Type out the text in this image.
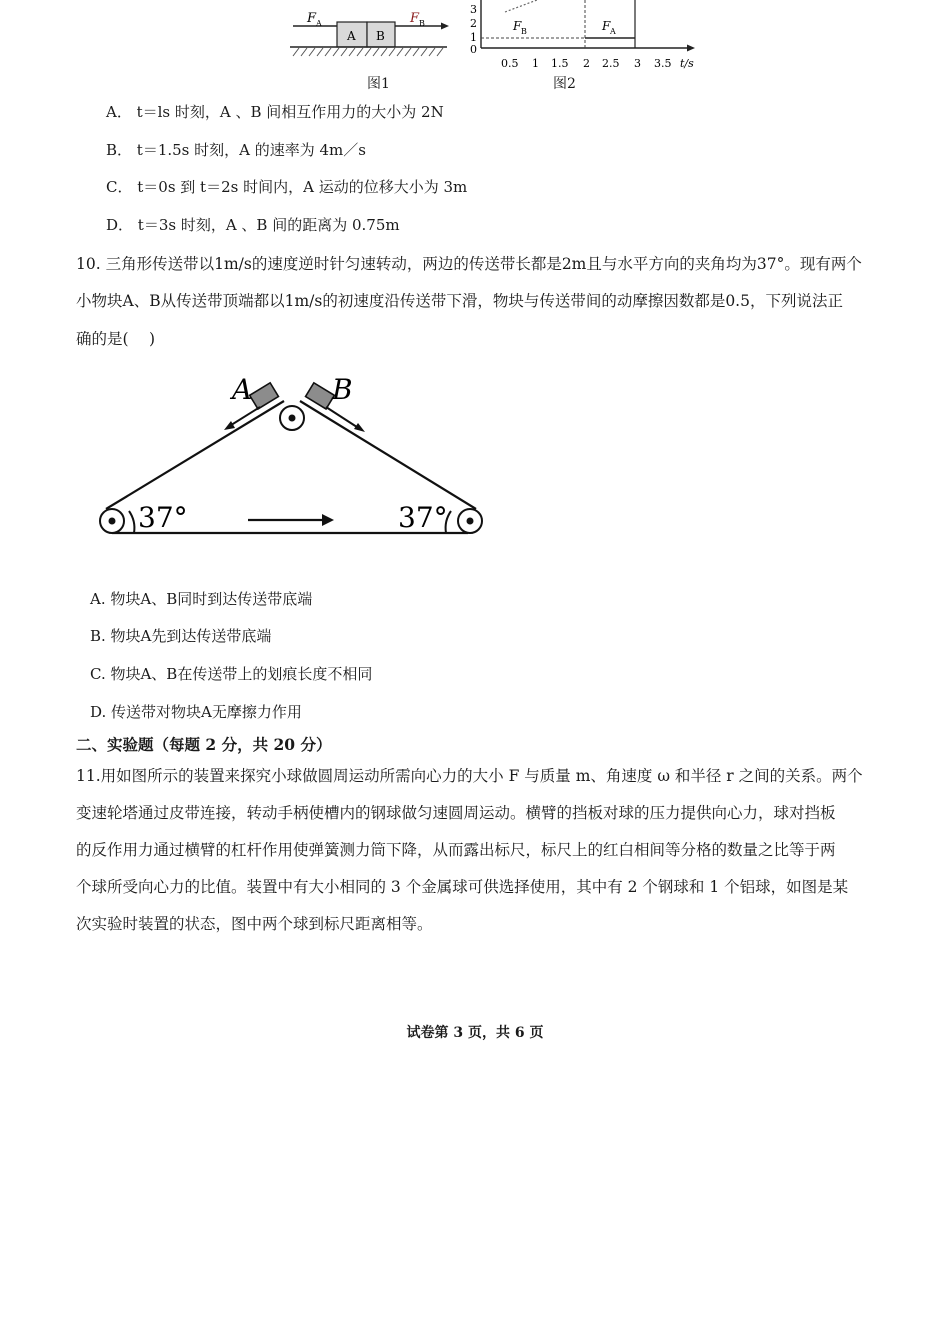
F A
A B
F B
图1
3
2
1
0
F B	F A
0.5 1 1.5 2 2.5 3 3.5 t/s
图2
A． t＝ls 时刻，A 、B 间相互作用力的大小为 2N
B． t＝1.5s 时刻，A 的速率为 4m／s
C． t＝0s 到 t＝2s 时间内，A 运动的位移大小为 3m
D． t＝3s 时刻，A 、B 间的距离为 0.75m
10. 三角形传送带以1m/s的速度逆时针匀速转动，两边的传送带长都是2m且与水平方向的夹角均为37°。现有两个
小物块A、B从传送带顶端都以1m/s的初速度沿传送带下滑，物块与传送带间的动摩擦因数都是0.5，下列说法正
确的是(　 )
37°	37°
A	B
A. 物块A、B同时到达传送带底端
B. 物块A先到达传送带底端
C. 物块A、B在传送带上的划痕长度不相同
D. 传送带对物块A无摩擦力作用
二、实验题（每题 2 分，共 20 分）
11.用如图所示的装置来探究小球做圆周运动所需向心力的大小 F 与质量 m、角速度 ω 和半径 r 之间的关系。两个
变速轮塔通过皮带连接，转动手柄使槽内的钢球做匀速圆周运动。横臂的挡板对球的压力提供向心力，球对挡板
的反作用力通过横臂的杠杆作用使弹簧测力筒下降，从而露出标尺，标尺上的红白相间等分格的数量之比等于两
个球所受向心力的比值。装置中有大小相同的 3 个金属球可供选择使用，其中有 2 个钢球和 1 个铝球，如图是某
次实验时装置的状态，图中两个球到标尺距离相等。
试卷第 3 页，共 6 页
